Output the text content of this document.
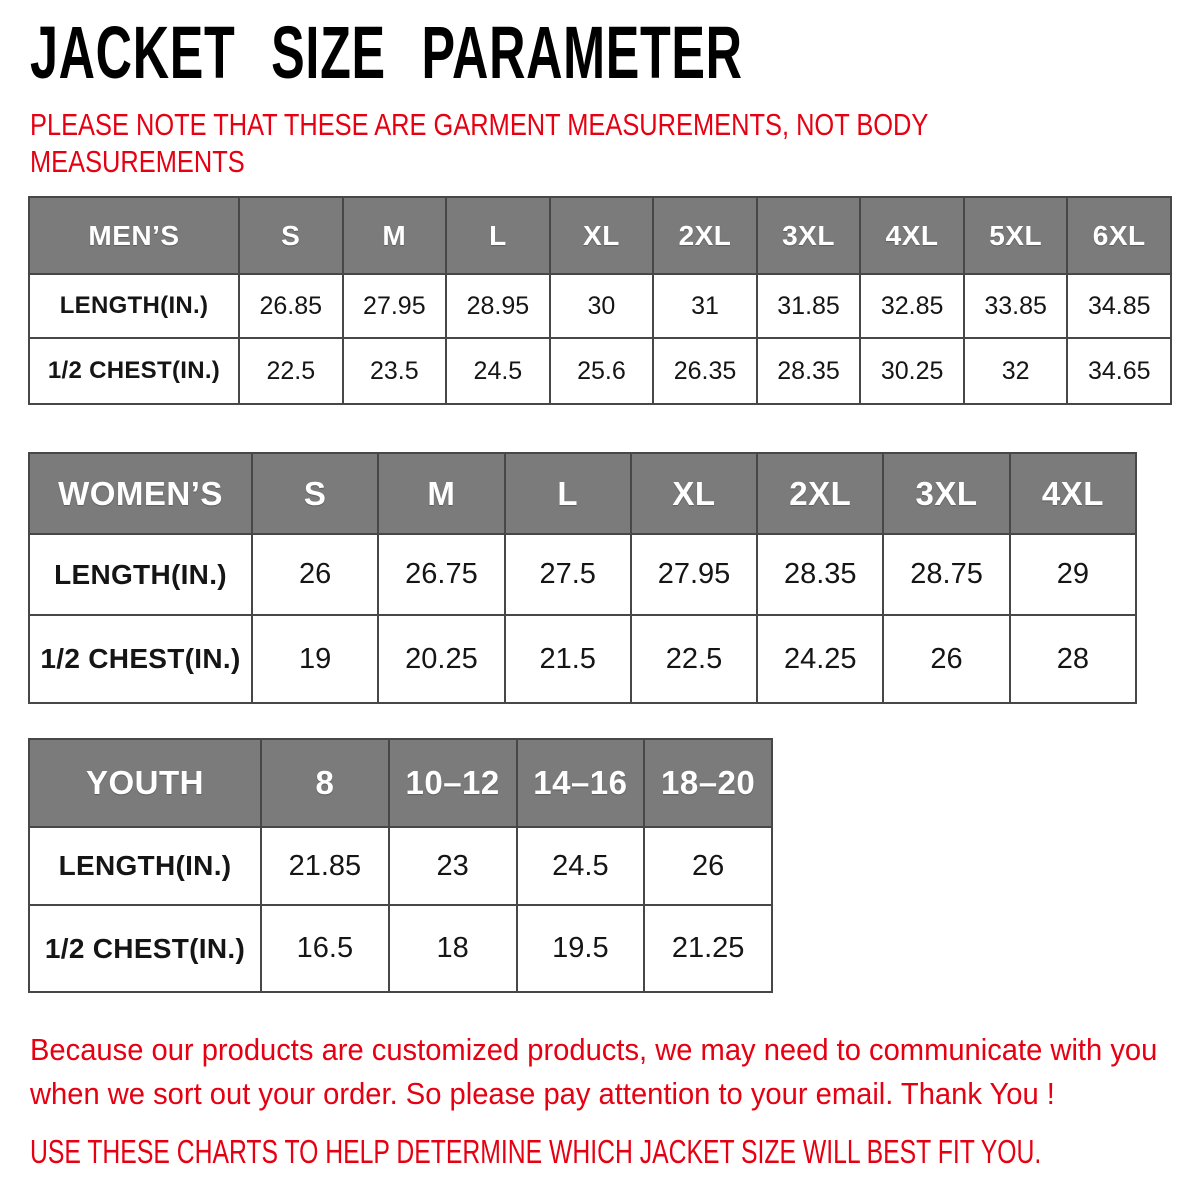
JACKET SIZE PARAMETER
PLEASE NOTE THAT THESE ARE GARMENT MEASUREMENTS, NOT BODY
MEASUREMENTS
MEN’S	S	M	L	XL	2XL	3XL	4XL	5XL	6XL
LENGTH(IN.)	26.85	27.95	28.95	30	31	31.85	32.85	33.85	34.85
1/2 CHEST(IN.)	22.5	23.5	24.5	25.6	26.35	28.35	30.25	32	34.65
WOMEN’S	S	M	L	XL	2XL	3XL	4XL
LENGTH(IN.)	26	26.75	27.5	27.95	28.35	28.75	29
1/2 CHEST(IN.)	19	20.25	21.5	22.5	24.25	26	28
YOUTH	8	10–12	14–16	18–20
LENGTH(IN.)	21.85	23	24.5	26
1/2 CHEST(IN.)	16.5	18	19.5	21.25

Because our products are customized products, we may need to communicate with you

when we sort out your order. So please pay attention to your email. Thank You !

USE THESE CHARTS TO HELP DETERMINE WHICH JACKET SIZE WILL BEST FIT YOU.
